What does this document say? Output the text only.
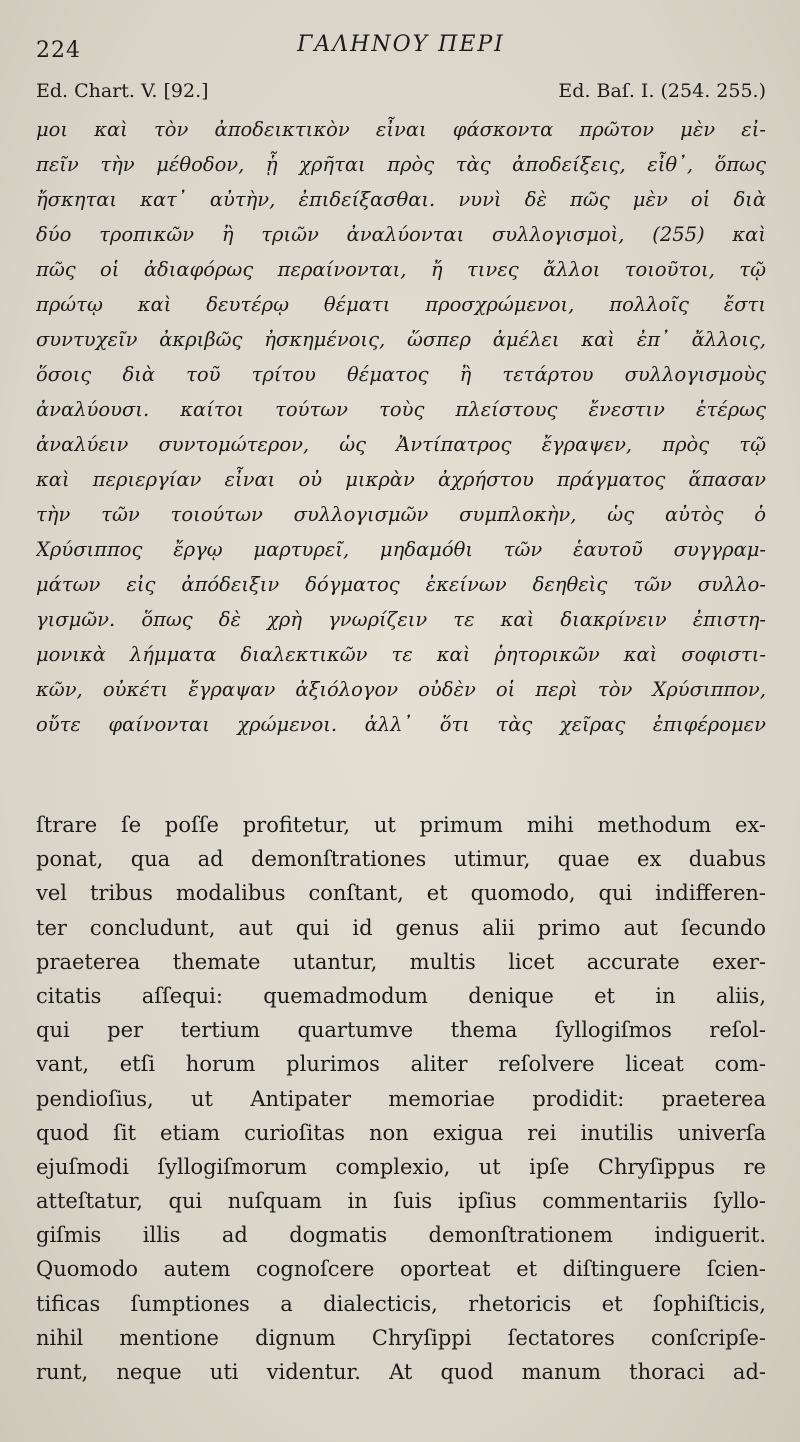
224	ΓΑΛΗΝΟΥ ΠΕΡΙ
Ed. Chart. V. [92.]	Ed. Baſ. I. (254. 255.)
μοι καὶ τὸν ἀποδεικτικὸν εἶναι φάσκοντα πρῶτον μὲν εἰ-
πεῖν τὴν μέθοδον, ᾗ χρῆται πρὸς τὰς ἀποδείξεις, εἶθ᾽, ὅπως
ἤσκηται κατ᾽ αὐτὴν, ἐπιδείξασθαι. νυνὶ δὲ πῶς μὲν οἱ διὰ
δύο τροπικῶν ἢ τριῶν ἀναλύονται συλλογισμοὶ, (255) καὶ
πῶς οἱ ἀδιαφόρως περαίνονται, ἤ τινες ἄλλοι τοιοῦτοι, τῷ
πρώτῳ καὶ δευτέρῳ θέματι προσχρώμενοι, πολλοῖς ἔστι
συντυχεῖν ἀκριβῶς ἠσκημένοις, ὥσπερ ἀμέλει καὶ ἐπ᾽ ἄλλοις,
ὅσοις διὰ τοῦ τρίτου θέματος ἢ τετάρτου συλλογισμοὺς
ἀναλύουσι. καίτοι τούτων τοὺς πλείστους ἔνεστιν ἑτέρως
ἀναλύειν συντομώτερον, ὡς Ἀντίπατρος ἔγραψεν, πρὸς τῷ
καὶ περιεργίαν εἶναι οὐ μικρὰν ἀχρήστου πράγματος ἅπασαν
τὴν τῶν τοιούτων συλλογισμῶν συμπλοκὴν, ὡς αὐτὸς ὁ
Χρύσιππος ἔργῳ μαρτυρεῖ, μηδαμόθι τῶν ἑαυτοῦ συγγραμ-
μάτων εἰς ἀπόδειξιν δόγματος ἐκείνων δεηθεὶς τῶν συλλο-
γισμῶν. ὅπως δὲ χρὴ γνωρίζειν τε καὶ διακρίνειν ἐπιστη-
μονικὰ λήμματα διαλεκτικῶν τε καὶ ῥητορικῶν καὶ σοφιστι-
κῶν, οὐκέτι ἔγραψαν ἀξιόλογον οὐδὲν οἱ περὶ τὸν Χρύσιππον,
οὔτε φαίνονται χρώμενοι. ἀλλ᾽ ὅτι τὰς χεῖρας ἐπιφέρομεν
ſtrare ſe poſſe profitetur, ut primum mihi methodum ex-
ponat, qua ad demonſtrationes utimur, quae ex duabus
vel tribus modalibus conſtant, et quomodo, qui indifferen-
ter concludunt, aut qui id genus alii primo aut ſecundo
praeterea themate utantur, multis licet accurate exer-
citatis aſſequi: quemadmodum denique et in aliis,
qui per tertium quartumve thema ſyllogiſmos reſol-
vant, etſi horum plurimos aliter reſolvere liceat com-
pendioſius, ut Antipater memoriae prodidit: praeterea
quod ſit etiam curioſitas non exigua rei inutilis univerſa
ejuſmodi ſyllogiſmorum complexio, ut ipſe Chryſippus re
atteſtatur, qui nuſquam in ſuis ipſius commentariis ſyllo-
giſmis illis ad dogmatis demonſtrationem indiguerit.
Quomodo autem cognoſcere oporteat et diſtinguere ſcien-
tificas ſumptiones a dialecticis, rhetoricis et ſophiſticis,
nihil mentione dignum Chryſippi ſectatores conſcripſe-
runt, neque uti videntur. At quod manum thoraci ad-
